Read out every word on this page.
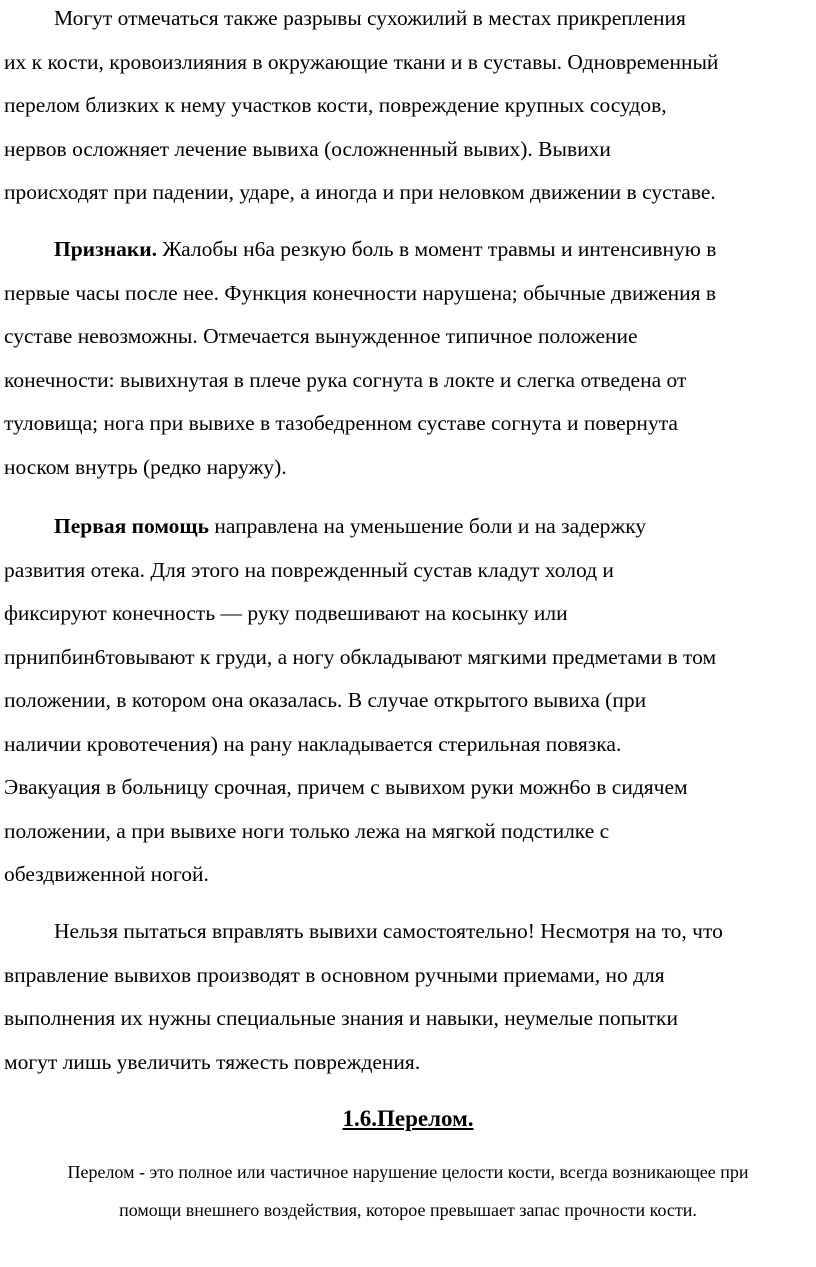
Могут отмечаться также разрывы сухожилий в местах прикрепления
их к кости, кровоизлияния в окружающие ткани и в суставы. Одновременный
перелом близких к нему участков кости, повреждение крупных сосудов,
нервов осложняет лечение вывиха (осложненный вывих). Вывихи
происходят при падении, ударе, а иногда и при неловком движении в суставе.
Признаки. Жалобы н6а резкую боль в момент травмы и интенсивную в
первые часы после нее. Функция конечности нарушена; обычные движения в
суставе невозможны. Отмечается вынужденное типичное положение
конечности: вывихнутая в плече рука согнута в локте и слегка отведена от
туловища; нога при вывихе в тазобедренном суставе согнута и повернута
носком внутрь (редко наружу).
Первая помощь направлена на уменьшение боли и на задержку
развития отека. Для этого на поврежденный сустав кладут холод и
фиксируют конечность — руку подвешивают на косынку или
прнипбин6товывают к груди, а ногу обкладывают мягкими предметами в том
положении, в котором она оказалась. В случае открытого вывиха (при
наличии кровотечения) на рану накладывается стерильная повязка.
Эвакуация в больницу срочная, причем с вывихом руки можн6о в сидячем
положении, а при вывихе ноги только лежа на мягкой подстилке с
обездвиженной ногой.
Нельзя пытаться вправлять вывихи самостоятельно! Несмотря на то, что
вправление вывихов производят в основном ручными приемами, но для
выполнения их нужны специальные знания и навыки, неумелые попытки
могут лишь увеличить тяжесть повреждения.
1.6.Перелом.
Перелом - это полное или частичное нарушение целости кости, всегда возникающее при
помощи внешнего воздействия, которое превышает запас прочности кости.
